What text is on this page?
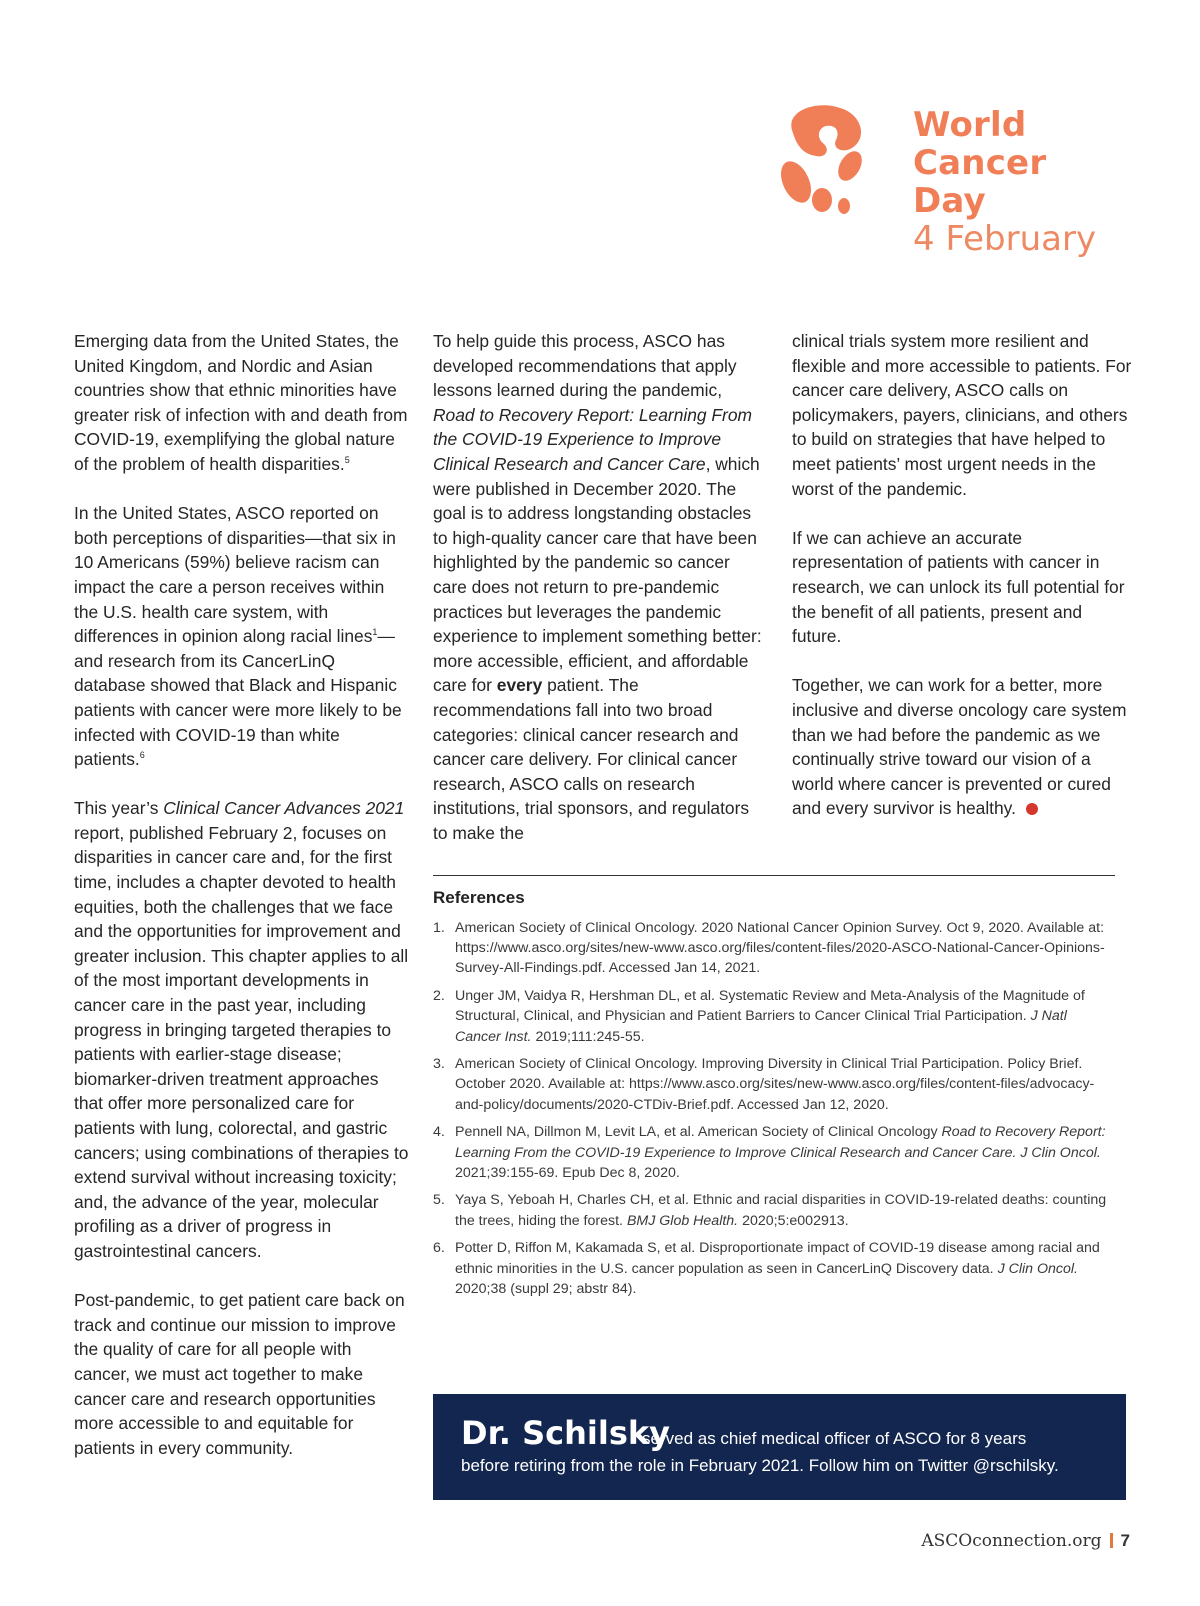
World
Cancer Day
4 February

Emerging data from the United States, the United Kingdom, and Nordic and Asian countries show that ethnic minorities have greater risk of infection with and death from COVID-19, exemplifying the global nature of the problem of health disparities.$^5$

In the United States, ASCO reported on both perceptions of disparities—that six in 10 Americans (59%) believe racism can impact the care a person receives within the U.S. health care system, with differences in opinion along racial lines$^1$— and research from its CancerLinQ database showed that Black and Hispanic patients with cancer were more likely to be infected with COVID-19 than white patients.$^6$

This year’s Clinical Cancer Advances 2021 report, published February 2, focuses on disparities in cancer care and, for the first time, includes a chapter devoted to health equities, both the challenges that we face and the opportunities for improvement and greater inclusion. This chapter applies to all of the most important developments in cancer care in the past year, including progress in bringing targeted therapies to patients with earlier-stage disease; biomarker-driven treatment approaches that offer more personalized care for patients with lung, colorectal, and gastric cancers; using combinations of therapies to extend survival without increasing toxicity; and, the advance of the year, molecular profiling as a driver of progress in gastrointestinal cancers.

Post-pandemic, to get patient care back on track and continue our mission to improve the quality of care for all people with cancer, we must act together to make cancer care and research opportunities more accessible to and equitable for patients in every community.

To help guide this process, ASCO has developed recommendations that apply lessons learned during the pandemic, Road to Recovery Report: Learning From the COVID-19 Experience to Improve Clinical Research and Cancer Care, which were published in December 2020. The goal is to address longstanding obstacles to high-quality cancer care that have been highlighted by the pandemic so cancer care does not return to pre-pandemic practices but leverages the pandemic experience to implement something better: more accessible, efficient, and affordable care for every patient. The recommendations fall into two broad categories: clinical cancer research and cancer care delivery. For clinical cancer research, ASCO calls on research institutions, trial sponsors, and regulators to make the

clinical trials system more resilient and flexible and more accessible to patients. For cancer care delivery, ASCO calls on policymakers, payers, clinicians, and others to build on strategies that have helped to meet patients’ most urgent needs in the worst of the pandemic.

If we can achieve an accurate representation of patients with cancer in research, we can unlock its full potential for the benefit of all patients, present and future.

Together, we can work for a better, more inclusive and diverse oncology care system than we had before the pandemic as we continually strive toward our vision of a world where cancer is prevented or cured and every survivor is healthy.

References
1. American Society of Clinical Oncology. 2020 National Cancer Opinion Survey. Oct 9, 2020. Available at: https://www.asco.org/sites/new-www.asco.org/files/content-files/2020-ASCO-National-Cancer-Opinions-Survey-All-Findings.pdf. Accessed Jan 14, 2021.
2. Unger JM, Vaidya R, Hershman DL, et al. Systematic Review and Meta-Analysis of the Magnitude of Structural, Clinical, and Physician and Patient Barriers to Cancer Clinical Trial Participation. J Natl Cancer Inst. 2019;111:245-55.
3. American Society of Clinical Oncology. Improving Diversity in Clinical Trial Participation. Policy Brief. October 2020. Available at: https://www.asco.org/sites/new-www.asco.org/files/content-files/advocacy-and-policy/documents/2020-CTDiv-Brief.pdf. Accessed Jan 12, 2020.
4. Pennell NA, Dillmon M, Levit LA, et al. American Society of Clinical Oncology Road to Recovery Report: Learning From the COVID-19 Experience to Improve Clinical Research and Cancer Care. J Clin Oncol. 2021;39:155-69. Epub Dec 8, 2020.
5. Yaya S, Yeboah H, Charles CH, et al. Ethnic and racial disparities in COVID-19-related deaths: counting the trees, hiding the forest. BMJ Glob Health. 2020;5:e002913.
6. Potter D, Riffon M, Kakamada S, et al. Disproportionate impact of COVID-19 disease among racial and ethnic minorities in the U.S. cancer population as seen in CancerLinQ Discovery data. J Clin Oncol. 2020;38 (suppl 29; abstr 84).
Dr. Schilsky
served as chief medical officer of ASCO for 8 years
before retiring from the role in February 2021. Follow him on Twitter @rschilsky.
ASCOconnection.org 7
